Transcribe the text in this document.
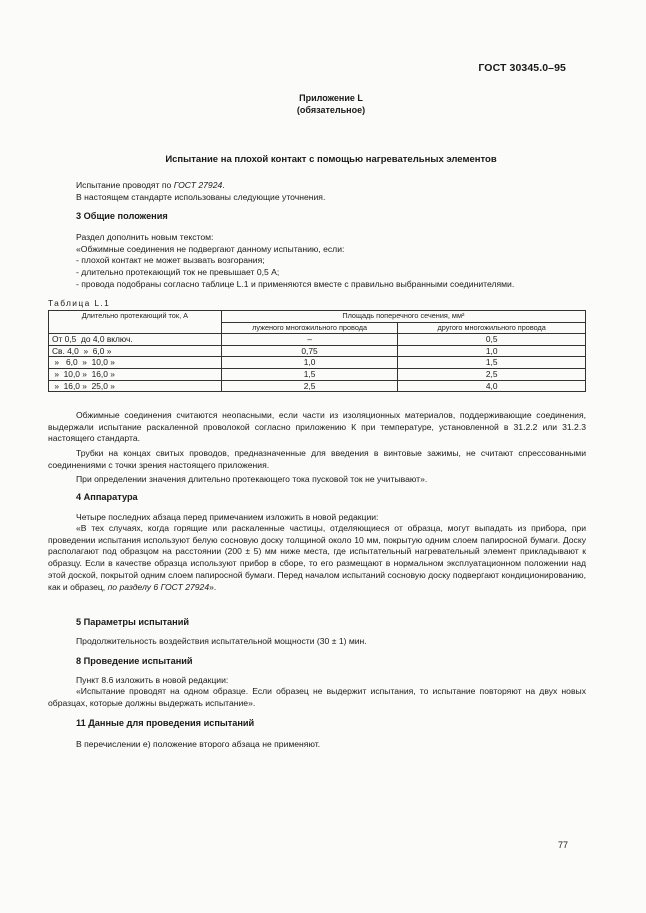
ГОСТ 30345.0–95
Приложение L
(обязательное)
Испытание на плохой контакт с помощью нагревательных элементов
Испытание проводят по ГОСТ 27924.
В настоящем стандарте использованы следующие уточнения.
3 Общие положения
Раздел дополнить новым текстом:
«Обжимные соединения не подвергают данному испытанию, если:
- плохой контакт не может вызвать возгорания;
- длительно протекающий ток не превышает 0,5 А;
- провода подобраны согласно таблице L.1 и применяются вместе с правильно выбранными соединителями.
Таблица L.1
Длительно протекающий ток, А	Площадь поперечного сечения, мм²	
	луженого многожильного провода	другого многожильного провода
От 0,5  до 4,0 включ.	–	0,5
Св. 4,0  »  6,0 »	0,75	1,0
»   6,0  »  10,0 »	1,0	1,5
»  10,0 »  16,0 »	1,5	2,5
»  16,0 »  25,0 »	2,5	4,0
Обжимные соединения считаются неопасными, если части из изоляционных материалов, поддерживающие соединения, выдержали испытание раскаленной проволокой согласно приложению К при температуре, установленной в 31.2.2 или 31.2.3 настоящего стандарта.
Трубки на концах свитых проводов, предназначенные для введения в винтовые зажимы, не считают спрессованными соединениями с точки зрения настоящего приложения.
При определении значения длительно протекающего тока пусковой ток не учитывают».
4 Аппаратура
Четыре последних абзаца перед примечанием изложить в новой редакции:
«В тех случаях, когда горящие или раскаленные частицы, отделяющиеся от образца, могут выпадать из прибора, при проведении испытания используют белую сосновую доску толщиной около 10 мм, покрытую одним слоем папиросной бумаги. Доску располагают под образцом на расстоянии (200 ± 5) мм ниже места, где испытательный нагревательный элемент прикладывают к образцу. Если в качестве образца используют прибор в сборе, то его размещают в нормальном эксплуатационном положении над этой доской, покрытой одним слоем папиросной бумаги. Перед началом испытаний сосновую доску подвергают кондиционированию, как и образец, по разделу 6 ГОСТ 27924».
5 Параметры испытаний
Продолжительность воздействия испытательной мощности (30 ± 1) мин.
8 Проведение испытаний
Пункт 8.6 изложить в новой редакции:
«Испытание проводят на одном образце. Если образец не выдержит испытания, то испытание повторяют на двух новых образцах, которые должны выдержать испытание».
11 Данные для проведения испытаний
В перечислении е) положение второго абзаца не применяют.
77
